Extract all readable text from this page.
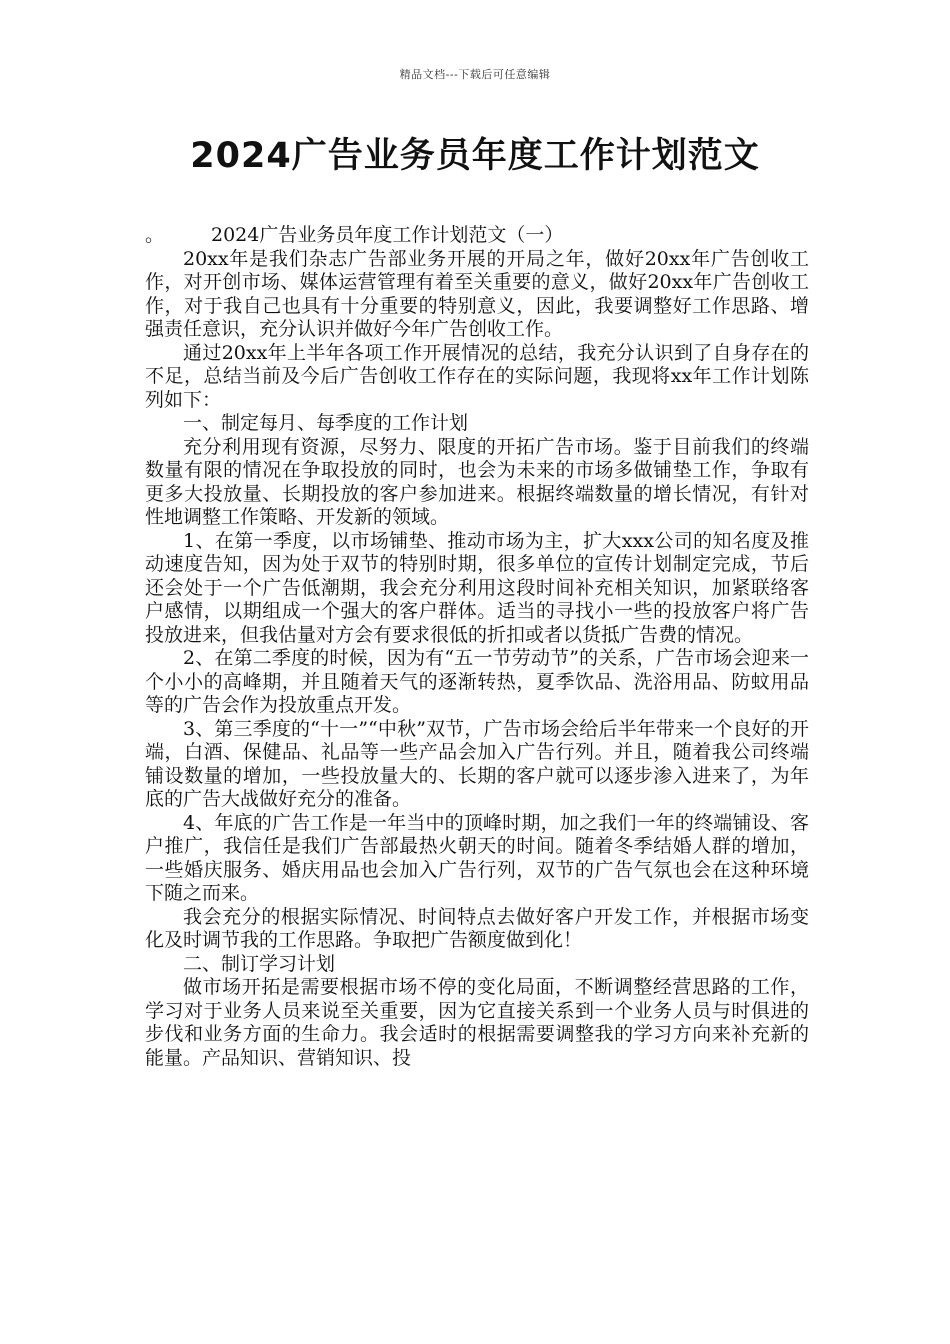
精品文档---下载后可任意编辑
2024广告业务员年度工作计划范文

。 2024广告业务员年度工作计划范文（一）

20xx年是我们杂志广告部业务开展的开局之年，做好20xx年广告创收工作，对开创市场、媒体运营管理有着至关重要的意义，做好20xx年广告创收工作，对于我自己也具有十分重要的特别意义，因此，我要调整好工作思路、增强责任意识，充分认识并做好今年广告创收工作。

通过20xx年上半年各项工作开展情况的总结，我充分认识到了自身存在的不足，总结当前及今后广告创收工作存在的实际问题，我现将xx年工作计划陈列如下：

一、制定每月、每季度的工作计划

充分利用现有资源，尽努力、限度的开拓广告市场。鉴于目前我们的终端数量有限的情况在争取投放的同时，也会为未来的市场多做铺垫工作，争取有更多大投放量、长期投放的客户参加进来。根据终端数量的增长情况，有针对性地调整工作策略、开发新的领域。

1、在第一季度，以市场铺垫、推动市场为主，扩大xxx公司的知名度及推动速度告知，因为处于双节的特别时期，很多单位的宣传计划制定完成，节后还会处于一个广告低潮期，我会充分利用这段时间补充相关知识，加紧联络客户感情，以期组成一个强大的客户群体。适当的寻找小一些的投放客户将广告投放进来，但我估量对方会有要求很低的折扣或者以货抵广告费的情况。

2、在第二季度的时候，因为有“五一节劳动节”的关系，广告市场会迎来一个小小的高峰期，并且随着天气的逐渐转热，夏季饮品、洗浴用品、防蚊用品等的广告会作为投放重点开发。

3、第三季度的“十一”“中秋”双节，广告市场会给后半年带来一个良好的开端，白酒、保健品、礼品等一些产品会加入广告行列。并且，随着我公司终端铺设数量的增加，一些投放量大的、长期的客户就可以逐步渗入进来了，为年底的广告大战做好充分的准备。

4、年底的广告工作是一年当中的顶峰时期，加之我们一年的终端铺设、客户推广，我信任是我们广告部最热火朝天的时间。随着冬季结婚人群的增加，一些婚庆服务、婚庆用品也会加入广告行列，双节的广告气氛也会在这种环境下随之而来。

我会充分的根据实际情况、时间特点去做好客户开发工作，并根据市场变化及时调节我的工作思路。争取把广告额度做到化！

二、制订学习计划

做市场开拓是需要根据市场不停的变化局面，不断调整经营思路的工作，学习对于业务人员来说至关重要，因为它直接关系到一个业务人员与时俱进的步伐和业务方面的生命力。我会适时的根据需要调整我的学习方向来补充新的能量。产品知识、营销知识、投
